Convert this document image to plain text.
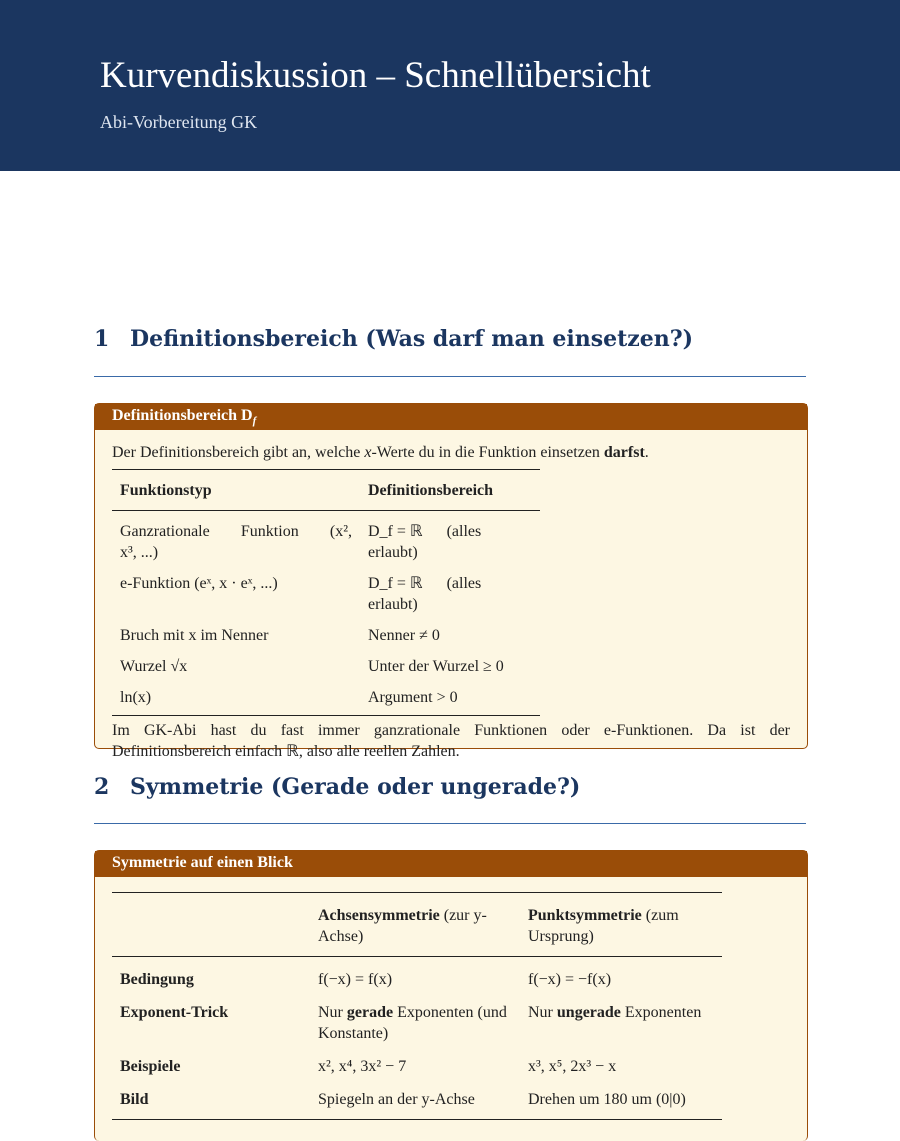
Kurvendiskussion – Schnellübersicht
Abi-Vorbereitung GK
1 Definitionsbereich (Was darf man einsetzen?)
Definitionsbereich $D_f$
Der Definitionsbereich gibt an, welche x-Werte du in die Funktion einsetzen darfst.
Funktionstyp	Definitionsbereich

Ganzrationale Funktion (x²,
x³, ...)	D_f = ℝ (alles erlaubt)
e-Funktion (eˣ, x · eˣ, ...)	D_f = ℝ (alles erlaubt)
Bruch mit x im Nenner	Nenner ≠ 0
Wurzel √x	Unter der Wurzel ≥ 0
ln(x)	Argument > 0
Im GK-Abi hast du fast immer ganzrationale Funktionen oder e-Funktionen. Da ist der Definitionsbereich einfach ℝ, also alle reellen Zahlen.
2 Symmetrie (Gerade oder ungerade?)
Symmetrie auf einen Blick
	Achsensymmetrie (zur y-Achse)	Punktsymmetrie (zum Ursprung)
Bedingung	f(−x) = f(x)	f(−x) = −f(x)
Exponent-Trick	Nur gerade Exponenten (und Konstante)	Nur ungerade Exponenten
Beispiele	x², x⁴, 3x² − 7	x³, x⁵, 2x³ − x
Bild	Spiegeln an der y-Achse	Drehen um 180 um (0|0)
